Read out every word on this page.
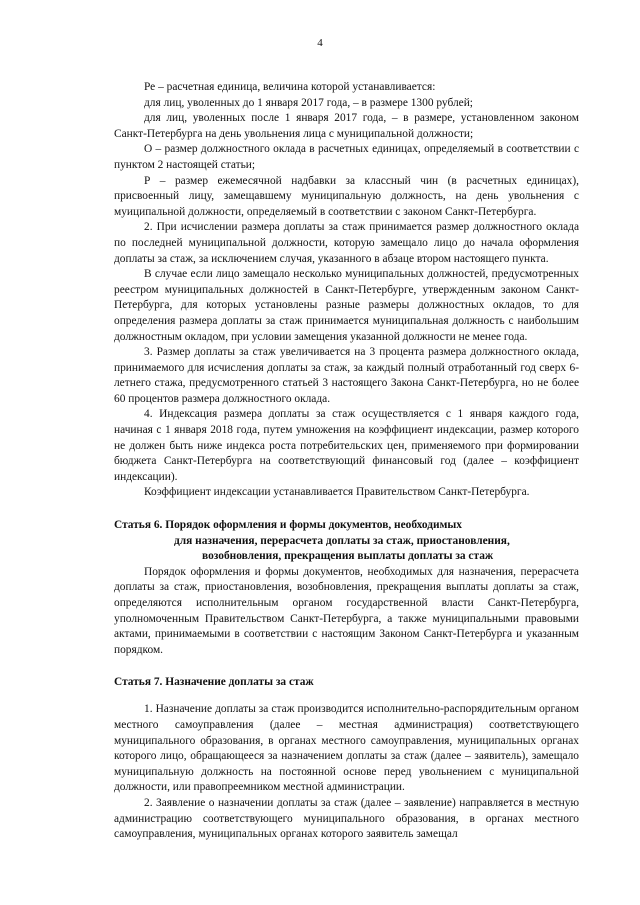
4

Ре – расчетная единица, величина которой устанавливается:

для лиц, уволенных до 1 января 2017 года, – в размере 1300 рублей;

для лиц, уволенных после 1 января 2017 года, – в размере, установленном законом Санкт-Петербурга на день увольнения лица с муниципальной должности;

О – размер должностного оклада в расчетных единицах, определяемый в соответствии с пунктом 2 настоящей статьи;

Р – размер ежемесячной надбавки за классный чин (в расчетных единицах), присвоенный лицу, замещавшему муниципальную должность, на день увольнения с муиципальной должности, определяемый в соответствии с законом Санкт-Петербурга.

2. При исчислении размера доплаты за стаж принимается размер должностного оклада по последней муниципальной должности, которую замещало лицо до начала оформления доплаты за стаж, за исключением случая, указанного в абзаце втором настоящего пункта.

В случае если лицо замещало несколько муниципальных должностей, предусмотренных реестром муниципальных должностей в Санкт-Петербурге, утвержденным законом Санкт-Петербурга, для которых установлены разные размеры должностных окладов, то для определения размера доплаты за стаж принимается муниципальная должность с наибольшим должностным окладом, при условии замещения указанной должности не менее года.

3. Размер доплаты за стаж увеличивается на 3 процента размера должностного оклада, принимаемого для исчисления доплаты за стаж, за каждый полный отработанный год сверх 6-летнего стажа, предусмотренного статьей 3 настоящего Закона Санкт-Петербурга, но не более 60 процентов размера должностного оклада.

4. Индексация размера доплаты за стаж осуществляется с 1 января каждого года, начиная с 1 января 2018 года, путем умножения на коэффициент индексации, размер которого не должен быть ниже индекса роста потребительских цен, применяемого при формировании бюджета Санкт-Петербурга на соответствующий финансовый год (далее – коэффициент индексации).

Коэффициент индексации устанавливается Правительством Санкт-Петербурга.

Статья 6. Порядок оформления и формы документов, необходимых
для назначения, перерасчета доплаты за стаж, приостановления,
возобновления, прекращения выплаты доплаты за стаж

Порядок оформления и формы документов, необходимых для назначения, перерасчета доплаты за стаж, приостановления, возобновления, прекращения выплаты доплаты за стаж, определяются исполнительным органом государственной власти Санкт-Петербурга, уполномоченным Правительством Санкт-Петербурга, а также муниципальными правовыми актами, принимаемыми в соответствии с настоящим Законом Санкт-Петербурга и указанным порядком.

Статья 7. Назначение доплаты за стаж

1. Назначение доплаты за стаж производится исполнительно-распорядительным органом местного самоуправления (далее – местная администрация) соответствующего муниципального образования, в органах местного самоуправления, муниципальных органах которого лицо, обращающееся за назначением доплаты за стаж (далее – заявитель), замещало муниципальную должность на постоянной основе перед увольнением с муниципальной должности, или правопреемником местной администрации.

2. Заявление о назначении доплаты за стаж (далее – заявление) направляется в местную администрацию соответствующего муниципального образования, в органах местного самоуправления, муниципальных органах которого заявитель замещал
